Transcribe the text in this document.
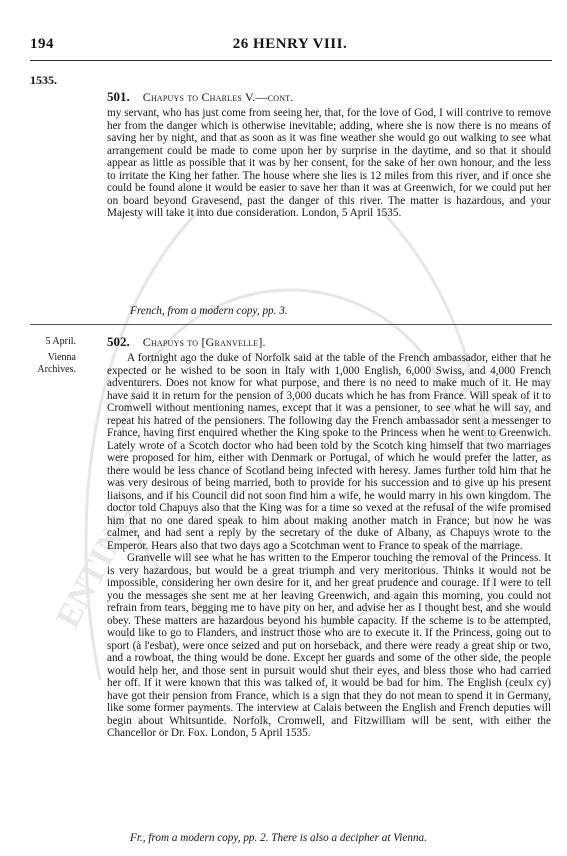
ENTING
TORY
194	26 HENRY VIII.
1535.
501. Chapuys to Charles V.—cont.

my servant, who has just come from seeing her, that, for the love of God, I will contrive to remove her from the danger which is otherwise inevitable; adding, where she is now there is no means of saving her by night, and that as soon as it was fine weather she would go out walking to see what arrangement could be made to come upon her by surprise in the daytime, and so that it should appear as little as possible that it was by her consent, for the sake of her own honour, and the less to irritate the King her father. The house where she lies is 12 miles from this river, and if once she could be found alone it would be easier to save her than it was at Greenwich, for we could put her on board beyond Gravesend, past the danger of this river. The matter is hazardous, and your Majesty will take it into due consideration. London, 5 April 1535.

French, from a modern copy, pp. 3.
5 April.
Vienna
Archives.
502. Chapuys to [Granvelle].

A fortnight ago the duke of Norfolk said at the table of the French ambassador, either that he expected or he wished to be soon in Italy with 1,000 English, 6,000 Swiss, and 4,000 French adventurers. Does not know for what purpose, and there is no need to make much of it. He may have said it in return for the pension of 3,000 ducats which he has from France. Will speak of it to Cromwell without mentioning names, except that it was a pensioner, to see what he will say, and repeat his hatred of the pensioners. The following day the French ambassador sent a messenger to France, having first enquired whether the King spoke to the Princess when he went to Greenwich. Lately wrote of a Scotch doctor who had been told by the Scotch king himself that two marriages were proposed for him, either with Denmark or Portugal, of which he would prefer the latter, as there would be less chance of Scotland being infected with heresy. James further told him that he was very desirous of being married, both to provide for his succession and to give up his present liaisons, and if his Council did not soon find him a wife, he would marry in his own kingdom. The doctor told Chapuys also that the King was for a time so vexed at the refusal of the wife promised him that no one dared speak to him about making another match in France; but now he was calmer, and had sent a reply by the secretary of the duke of Albany, as Chapuys wrote to the Emperor. Hears also that two days ago a Scotchman went to France to speak of the marriage.

Granvelle will see what he has written to the Emperor touching the removal of the Princess. It is very hazardous, but would be a great triumph and very meritorious. Thinks it would not be impossible, considering her own desire for it, and her great prudence and courage. If I were to tell you the messages she sent me at her leaving Greenwich, and again this morning, you could not refrain from tears, begging me to have pity on her, and advise her as I thought best, and she would obey. These matters are hazardous beyond his humble capacity. If the scheme is to be attempted, would like to go to Flanders, and instruct those who are to execute it. If the Princess, going out to sport (à l'esbat), were once seized and put on horseback, and there were ready a great ship or two, and a rowboat, the thing would be done. Except her guards and some of the other side, the people would help her, and those sent in pursuit would shut their eyes, and bless those who had carried her off. If it were known that this was talked of, it would be bad for him. The English (ceulx cy) have got their pension from France, which is a sign that they do not mean to spend it in Germany, like some former payments. The interview at Calais between the English and French deputies will begin about Whitsuntide. Norfolk, Cromwell, and Fitzwilliam will be sent, with either the Chancellor or Dr. Fox. London, 5 April 1535.

Fr., from a modern copy, pp. 2. There is also a decipher at Vienna.
